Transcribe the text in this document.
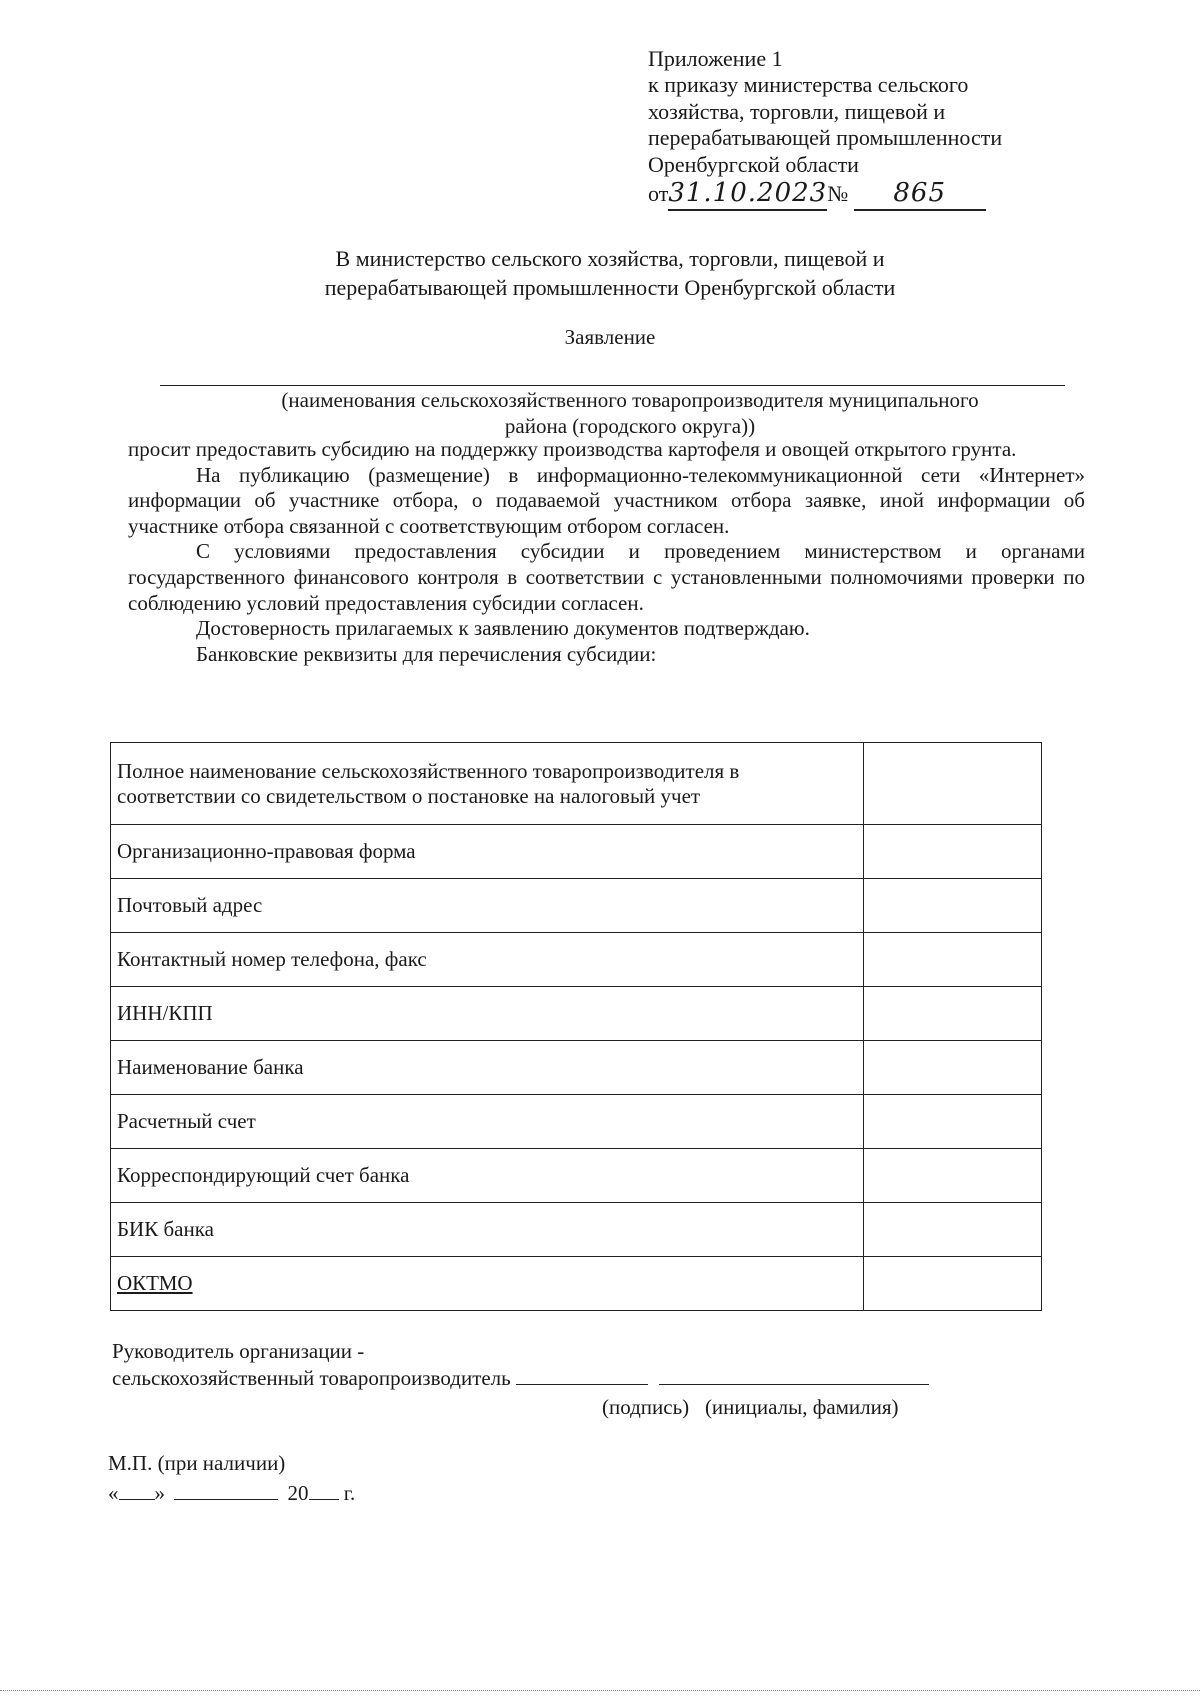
Приложение 1
к приказу министерства сельского
хозяйства, торговли, пищевой и
перерабатывающей промышленности
Оренбургской области
от31.10.2023№ 865
В министерство сельского хозяйства, торговли, пищевой и
перерабатывающей промышленности Оренбургской области
Заявление
(наименования сельскохозяйственного товаропроизводителя муниципального
района (городского округа))

просит предоставить субсидию на поддержку производства картофеля и овощей открытого грунта.

На публикацию (размещение) в информационно-телекоммуникационной сети «Интернет» информации об участнике отбора, о подаваемой участником отбора заявке, иной информации об участнике отбора связанной с соответствующим отбором согласен.

С условиями предоставления субсидии и проведением министерством и органами государственного финансового контроля в соответствии с установленными полномочиями проверки по соблюдению условий предоставления субсидии согласен.

Достоверность прилагаемых к заявлению документов подтверждаю.

Банковские реквизиты для перечисления субсидии:

Полное наименование сельскохозяйственного товаропроизводителя в соответствии со свидетельством о постановке на налоговый учет	
Организационно-правовая форма	
Почтовый адрес	
Контактный номер телефона, факс	
ИНН/КПП	
Наименование банка	
Расчетный счет	
Корреспондирующий счет банка	
БИК банка	
ОКТМО	
Руководитель организации -
сельскохозяйственный товаропроизводитель
(подпись) (инициалы, фамилия)
М.П. (при наличии)
« »	20 г.
